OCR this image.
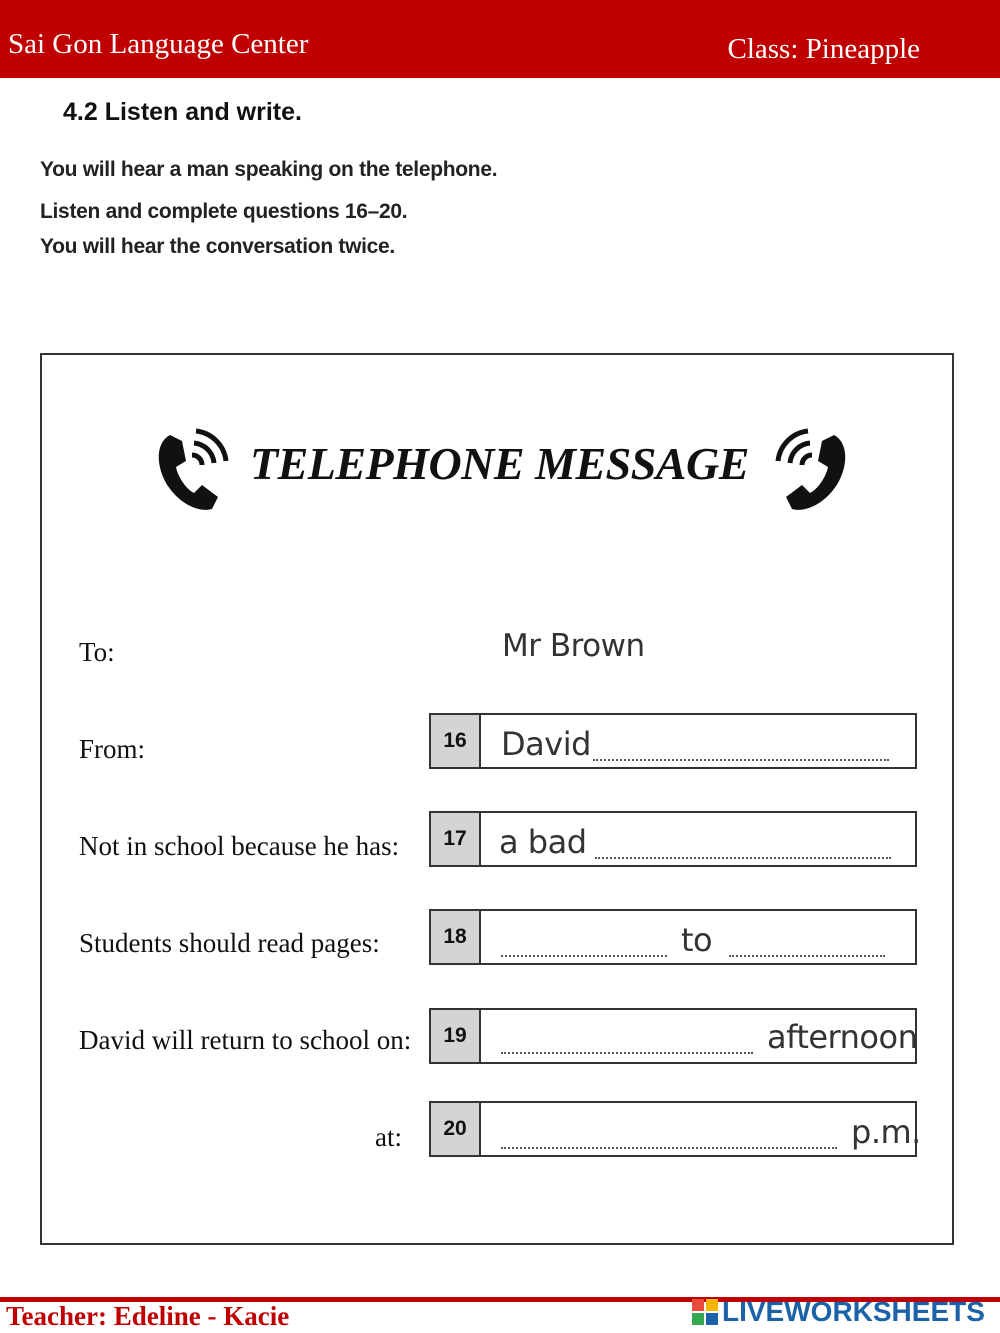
Sai Gon Language Center	Class: Pineapple
4.2 Listen and write.
You will hear a man speaking on the telephone.
Listen and complete questions 16–20.
You will hear the conversation twice.
TELEPHONE MESSAGE
To:	Mr Brown
From:	16	David
Not in school because he has:	17	a bad
Students should read pages:	18	to
David will return to school on:	19	afternoon
at:	20	p.m.
Teacher: Edeline - Kacie	LIVEWORKSHEETS
